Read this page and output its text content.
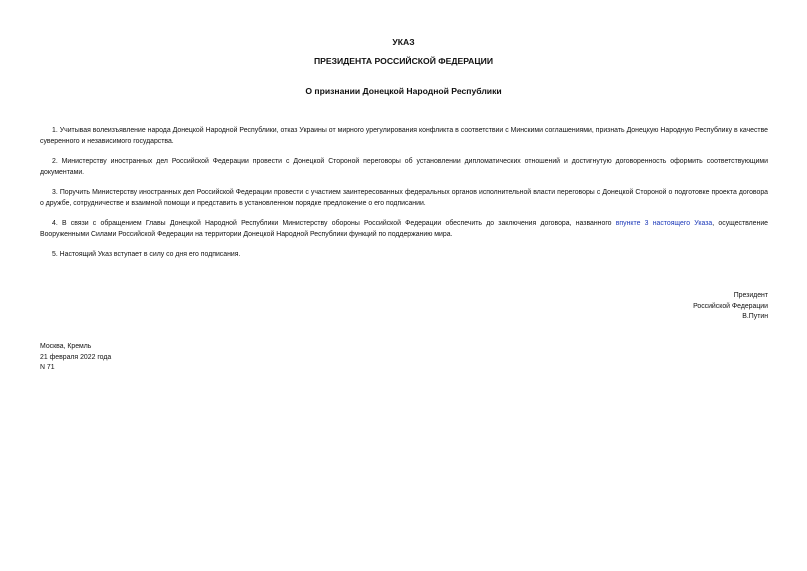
УКАЗ
ПРЕЗИДЕНТА РОССИЙСКОЙ ФЕДЕРАЦИИ
О признании Донецкой Народной Республики

1. Учитывая волеизъявление народа Донецкой Народной Республики, отказ Украины от мирного урегулирования конфликта в соответствии с Минскими соглашениями, признать Донецкую Народную Республику в качестве суверенного и независимого государства.

2. Министерству иностранных дел Российской Федерации провести с Донецкой Стороной переговоры об установлении дипломатических отношений и достигнутую договоренность оформить соответствующими документами.

3. Поручить Министерству иностранных дел Российской Федерации провести с участием заинтересованных федеральных органов исполнительной власти переговоры с Донецкой Стороной о подготовке проекта договора о дружбе, сотрудничестве и взаимной помощи и представить в установленном порядке предложение о его подписании.

4. В связи с обращением Главы Донецкой Народной Республики Министерству обороны Российской Федерации обеспечить до заключения договора, названного впункте 3 настоящего Указа, осуществление Вооруженными Силами Российской Федерации на территории Донецкой Народной Республики функций по поддержанию мира.

5. Настоящий Указ вступает в силу со дня его подписания.

Президент
Российской Федерации
В.Путин
Москва, Кремль
21 февраля 2022 года
N 71
